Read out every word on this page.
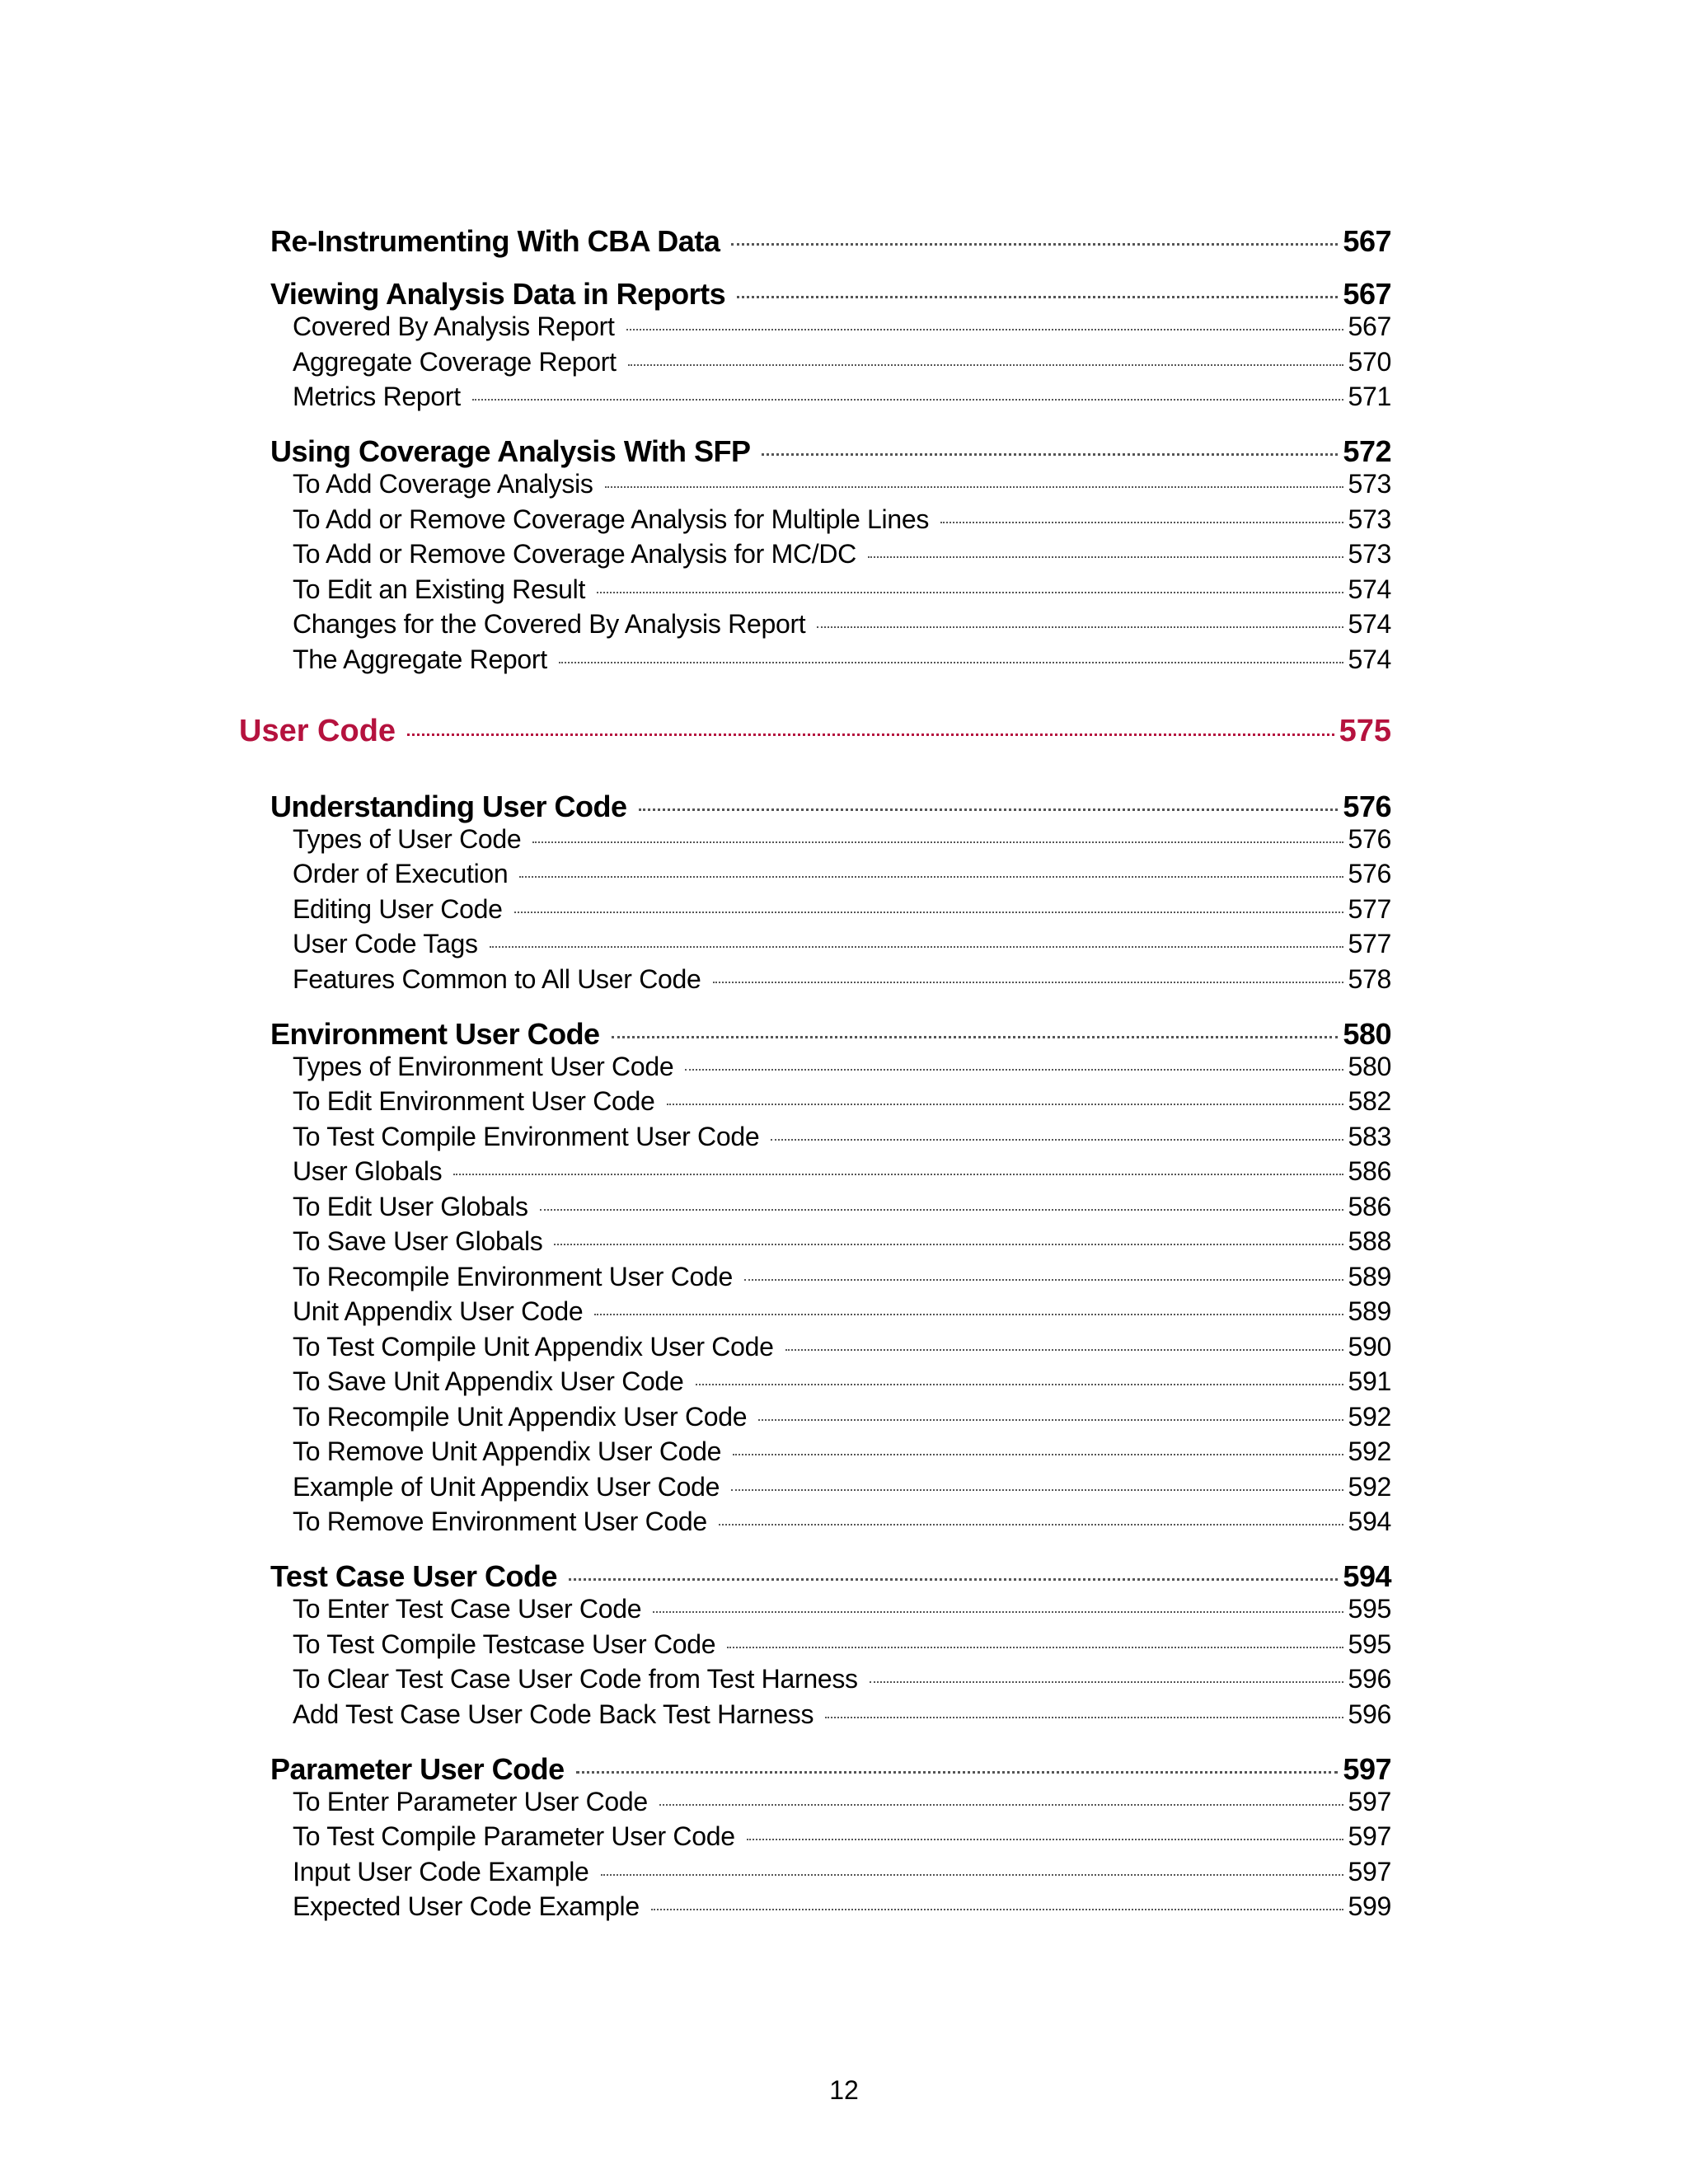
Re-Instrumenting With CBA Data	567
Viewing Analysis Data in Reports	567
Covered By Analysis Report	567
Aggregate Coverage Report	570
Metrics Report	571
Using Coverage Analysis With SFP	572
To Add Coverage Analysis	573
To Add or Remove Coverage Analysis for Multiple Lines	573
To Add or Remove Coverage Analysis for MC/DC	573
To Edit an Existing Result	574
Changes for the Covered By Analysis Report	574
The Aggregate Report	574
User Code	575
Understanding User Code	576
Types of User Code	576
Order of Execution	576
Editing User Code	577
User Code Tags	577
Features Common to All User Code	578
Environment User Code	580
Types of Environment User Code	580
To Edit Environment User Code	582
To Test Compile Environment User Code	583
User Globals	586
To Edit User Globals	586
To Save User Globals	588
To Recompile Environment User Code	589
Unit Appendix User Code	589
To Test Compile Unit Appendix User Code	590
To Save Unit Appendix User Code	591
To Recompile Unit Appendix User Code	592
To Remove Unit Appendix User Code	592
Example of Unit Appendix User Code	592
To Remove Environment User Code	594
Test Case User Code	594
To Enter Test Case User Code	595
To Test Compile Testcase User Code	595
To Clear Test Case User Code from Test Harness	596
Add Test Case User Code Back Test Harness	596
Parameter User Code	597
To Enter Parameter User Code	597
To Test Compile Parameter User Code	597
Input User Code Example	597
Expected User Code Example	599
12
